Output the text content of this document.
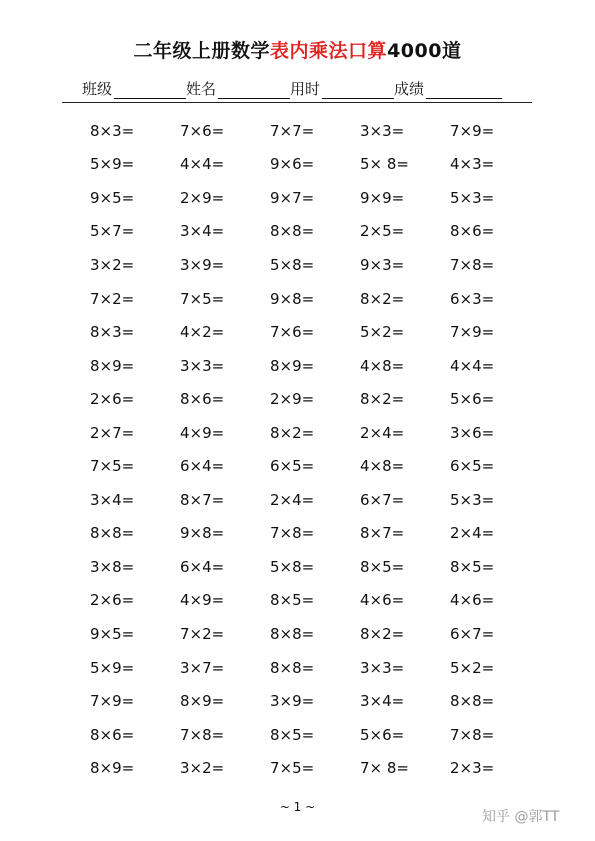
二年级上册数学表内乘法口算4000道
班级	姓名	用时	成绩
8×3=	7×6=	7×7=	3×3=	7×9=
5×9=	4×4=	9×6=	5× 8=	4×3=
9×5=	2×9=	9×7=	9×9=	5×3=
5×7=	3×4=	8×8=	2×5=	8×6=
3×2=	3×9=	5×8=	9×3=	7×8=
7×2=	7×5=	9×8=	8×2=	6×3=
8×3=	4×2=	7×6=	5×2=	7×9=
8×9=	3×3=	8×9=	4×8=	4×4=
2×6=	8×6=	2×9=	8×2=	5×6=
2×7=	4×9=	8×2=	2×4=	3×6=
7×5=	6×4=	6×5=	4×8=	6×5=
3×4=	8×7=	2×4=	6×7=	5×3=
8×8=	9×8=	7×8=	8×7=	2×4=
3×8=	6×4=	5×8=	8×5=	8×5=
2×6=	4×9=	8×5=	4×6=	4×6=
9×5=	7×2=	8×8=	8×2=	6×7=
5×9=	3×7=	8×8=	3×3=	5×2=
7×9=	8×9=	3×9=	3×4=	8×8=
8×6=	7×8=	8×5=	5×6=	7×8=
8×9=	3×2=	7×5=	7× 8=	2×3=
~ 1 ~
知乎 @郭TT
